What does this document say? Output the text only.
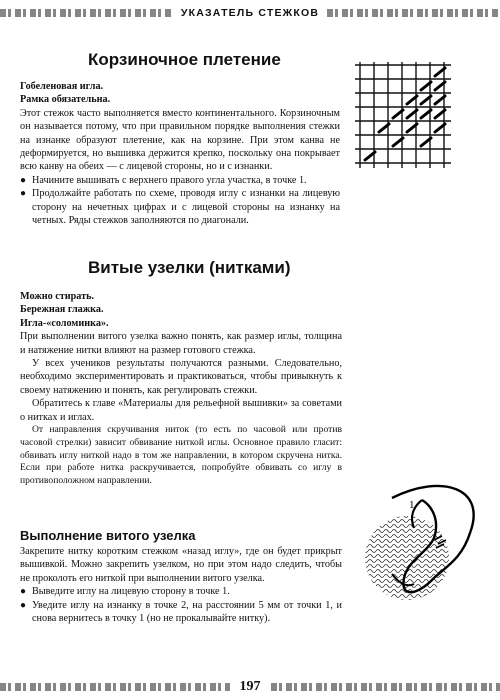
УКАЗАТЕЛЬ СТЕЖКОВ
Корзиночное плетение

Гобеленовая игла.

Рамка обязательна.

Этот стежок часто выполняется вместо континентального. Корзиночным он называется потому, что при правильном порядке выполнения стежки на изнанке образуют плетение, как на корзине. При этом канва не деформируется, но вышивка держится крепко, поскольку она покрывает всю канву на обеих — с лицевой стороны, но и с изнанки.

● Начините вышивать с верхнего правого угла участка, в точке 1.
● Продолжайте работать по схеме, проводя иглу с изнанки на лицевую сторону на нечетных цифрах и с лицевой стороны на изнанку на четных. Ряды стежков заполняются по диагонали.
Витые узелки (нитками)

Можно стирать.

Бережная глажка.

Игла-«соломинка».

При выполнении витого узелка важно понять, как размер иглы, толщина и натяжение нитки влияют на размер готового стежка.

У всех учеников результаты получаются разными. Следовательно, необходимо экспериментировать и практиковаться, чтобы привыкнуть к своему натяжению и понять, как регулировать стежки.

Обратитесь к главе «Материалы для рельефной вышивки» за советами о нитках и иглах.

От направления скручивания ниток (то есть по часовой или против часовой стрелки) зависит обвивание ниткой иглы. Основное правило гласит: обвивать иглу ниткой надо в том же направлении, в котором скручена нитка. Если при работе нитка раскручивается, попробуйте обвивать со иглу в противоположном направлении.

Выполнение витого узелка

Закрепите нитку коротким стежком «назад иглу», где он будет прикрыт вышивкой. Можно закрепить узелком, но при этом надо следить, чтобы не проколоть его ниткой при выполнении витого узелка.

● Выведите иглу на лицевую сторону в точке 1.
● Уведите иглу на изнанку в точке 2, на расстоянии 5 мм от точки 1, и снова вернитесь в точку 1 (но не прокалывайте нитку).
1
197
